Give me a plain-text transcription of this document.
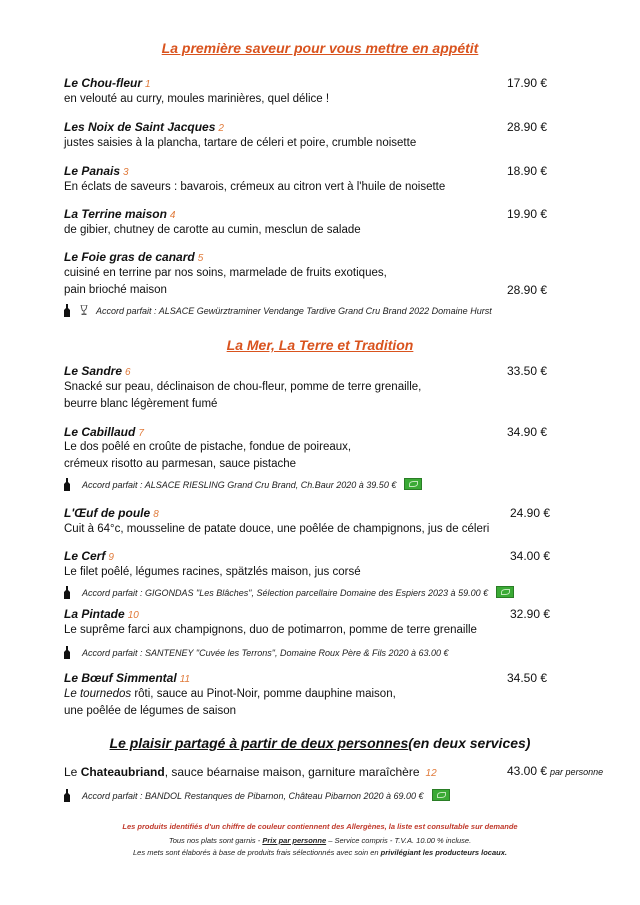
La première saveur pour vous mettre en appétit
Le Chou-fleur 1	17.90 €
en velouté au curry, moules marinières, quel délice !
Les Noix de Saint Jacques 2	28.90 €
justes saisies à la plancha, tartare de céleri et poire, crumble noisette
Le Panais 3	18.90 €
En éclats de saveurs : bavarois, crémeux au citron vert à l'huile de noisette
La Terrine maison 4	19.90 €
de gibier, chutney de carotte au cumin, mesclun de salade
Le Foie gras de canard 5
cuisiné en terrine par nos soins, marmelade de fruits exotiques,
pain brioché maison	28.90 €
Accord parfait : ALSACE Gewürztraminer Vendange Tardive Grand Cru Brand 2022 Domaine Hurst
La Mer, La Terre et Tradition
Le Sandre 6	33.50 €
Snacké sur peau, déclinaison de chou-fleur, pomme de terre grenaille,
beurre blanc légèrement fumé
Le Cabillaud 7	34.90 €
Le dos poêlé en croûte de pistache, fondue de poireaux,
crémeux risotto au parmesan, sauce pistache
Accord parfait : ALSACE RIESLING Grand Cru Brand, Ch.Baur 2020 à 39.50 €
L'Œuf de poule 8	24.90 €
Cuit à 64°c, mousseline de patate douce, une poêlée de champignons, jus de céleri
Le Cerf 9	34.00 €
Le filet poêlé, légumes racines, spätzlés maison, jus corsé
Accord parfait : GIGONDAS "Les Blâches", Sélection parcellaire Domaine des Espiers 2023 à 59.00 €
La Pintade 10	32.90 €
Le suprême farci aux champignons, duo de potimarron, pomme de terre grenaille
Accord parfait : SANTENEY "Cuvée les Terrons", Domaine Roux Père & Fils 2020 à 63.00 €
Le Bœuf Simmental 11	34.50 €
Le tournedos rôti, sauce au Pinot-Noir, pomme dauphine maison,
une poêlée de légumes de saison
Le plaisir partagé à partir de deux personnes(en deux services)
Le Chateaubriand, sauce béarnaise maison, garniture maraîchère 12	43.00 € par personne
Accord parfait : BANDOL Restanques de Pibarnon, Château Pibarnon 2020 à 69.00 €
Les produits identifiés d'un chiffre de couleur contiennent des Allergènes, la liste est consultable sur demande
Tous nos plats sont garnis - Prix par personne – Service compris - T.V.A. 10.00 % incluse.
Les mets sont élaborés à base de produits frais sélectionnés avec soin en privilégiant les producteurs locaux.
